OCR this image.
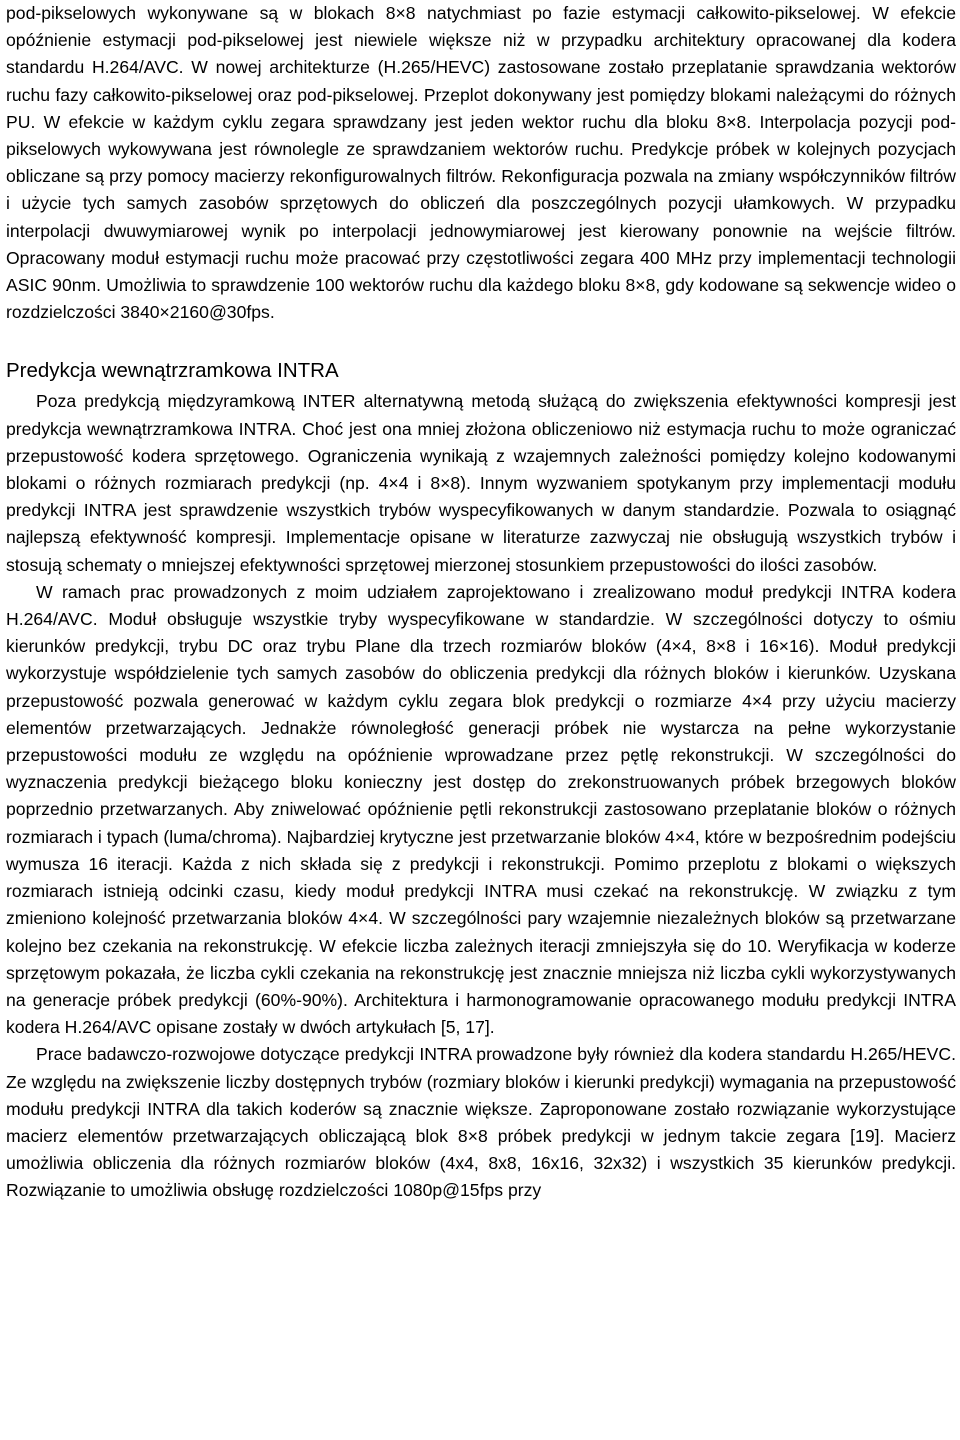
pod-pikselowych wykonywane są w blokach 8×8 natychmiast po fazie estymacji całkowito-pikselowej. W efekcie opóźnienie estymacji pod-pikselowej jest niewiele większe niż w przypadku architektury opracowanej dla kodera standardu H.264/AVC. W nowej architekturze (H.265/HEVC) zastosowane zostało przeplatanie sprawdzania wektorów ruchu fazy całkowito-pikselowej oraz pod-pikselowej. Przeplot dokonywany jest pomiędzy blokami należącymi do różnych PU. W efekcie w każdym cyklu zegara sprawdzany jest jeden wektor ruchu dla bloku 8×8. Interpolacja pozycji pod-pikselowych wykowywana jest równolegle ze sprawdzaniem wektorów ruchu. Predykcje próbek w kolejnych pozycjach obliczane są przy pomocy macierzy rekonfigurowalnych filtrów. Rekonfiguracja pozwala na zmiany współczynników filtrów i użycie tych samych zasobów sprzętowych do obliczeń dla poszczególnych pozycji ułamkowych. W przypadku interpolacji dwuwymiarowej wynik po interpolacji jednowymiarowej jest kierowany ponownie na wejście filtrów. Opracowany moduł estymacji ruchu może pracować przy częstotliwości zegara 400 MHz przy implementacji technologii ASIC 90nm. Umożliwia to sprawdzenie 100 wektorów ruchu dla każdego bloku 8×8, gdy kodowane są sekwencje wideo o rozdzielczości 3840×2160@30fps.

Predykcja wewnątrzramkowa INTRA

Poza predykcją międzyramkową INTER alternatywną metodą służącą do zwiększenia efektywności kompresji jest predykcja wewnątrzramkowa INTRA. Choć jest ona mniej złożona obliczeniowo niż estymacja ruchu to może ograniczać przepustowość kodera sprzętowego. Ograniczenia wynikają z wzajemnych zależności pomiędzy kolejno kodowanymi blokami o różnych rozmiarach predykcji (np. 4×4 i 8×8). Innym wyzwaniem spotykanym przy implementacji modułu predykcji INTRA jest sprawdzenie wszystkich trybów wyspecyfikowanych w danym standardzie. Pozwala to osiągnąć najlepszą efektywność kompresji. Implementacje opisane w literaturze zazwyczaj nie obsługują wszystkich trybów i stosują schematy o mniejszej efektywności sprzętowej mierzonej stosunkiem przepustowości do ilości zasobów.

W ramach prac prowadzonych z moim udziałem zaprojektowano i zrealizowano moduł predykcji INTRA kodera H.264/AVC. Moduł obsługuje wszystkie tryby wyspecyfikowane w standardzie. W szczególności dotyczy to ośmiu kierunków predykcji, trybu DC oraz trybu Plane dla trzech rozmiarów bloków (4×4, 8×8 i 16×16). Moduł predykcji wykorzystuje współdzielenie tych samych zasobów do obliczenia predykcji dla różnych bloków i kierunków. Uzyskana przepustowość pozwala generować w każdym cyklu zegara blok predykcji o rozmiarze 4×4 przy użyciu macierzy elementów przetwarzających. Jednakże równoległość generacji próbek nie wystarcza na pełne wykorzystanie przepustowości modułu ze względu na opóźnienie wprowadzane przez pętlę rekonstrukcji. W szczególności do wyznaczenia predykcji bieżącego bloku konieczny jest dostęp do zrekonstruowanych próbek brzegowych bloków poprzednio przetwarzanych. Aby zniwelować opóźnienie pętli rekonstrukcji zastosowano przeplatanie bloków o różnych rozmiarach i typach (luma/chroma). Najbardziej krytyczne jest przetwarzanie bloków 4×4, które w bezpośrednim podejściu wymusza 16 iteracji. Każda z nich składa się z predykcji i rekonstrukcji. Pomimo przeplotu z blokami o większych rozmiarach istnieją odcinki czasu, kiedy moduł predykcji INTRA musi czekać na rekonstrukcję. W związku z tym zmieniono kolejność przetwarzania bloków 4×4. W szczególności pary wzajemnie niezależnych bloków są przetwarzane kolejno bez czekania na rekonstrukcję. W efekcie liczba zależnych iteracji zmniejszyła się do 10. Weryfikacja w koderze sprzętowym pokazała, że liczba cykli czekania na rekonstrukcję jest znacznie mniejsza niż liczba cykli wykorzystywanych na generacje próbek predykcji (60%-90%). Architektura i harmonogramowanie opracowanego modułu predykcji INTRA kodera H.264/AVC opisane zostały w dwóch artykułach [5, 17].

Prace badawczo-rozwojowe dotyczące predykcji INTRA prowadzone były również dla kodera standardu H.265/HEVC. Ze względu na zwiększenie liczby dostępnych trybów (rozmiary bloków i kierunki predykcji) wymagania na przepustowość modułu predykcji INTRA dla takich koderów są znacznie większe. Zaproponowane zostało rozwiązanie wykorzystujące macierz elementów przetwarzających obliczającą blok 8×8 próbek predykcji w jednym takcie zegara [19]. Macierz umożliwia obliczenia dla różnych rozmiarów bloków (4x4, 8x8, 16x16, 32x32) i wszystkich 35 kierunków predykcji. Rozwiązanie to umożliwia obsługę rozdzielczości 1080p@15fps przy
